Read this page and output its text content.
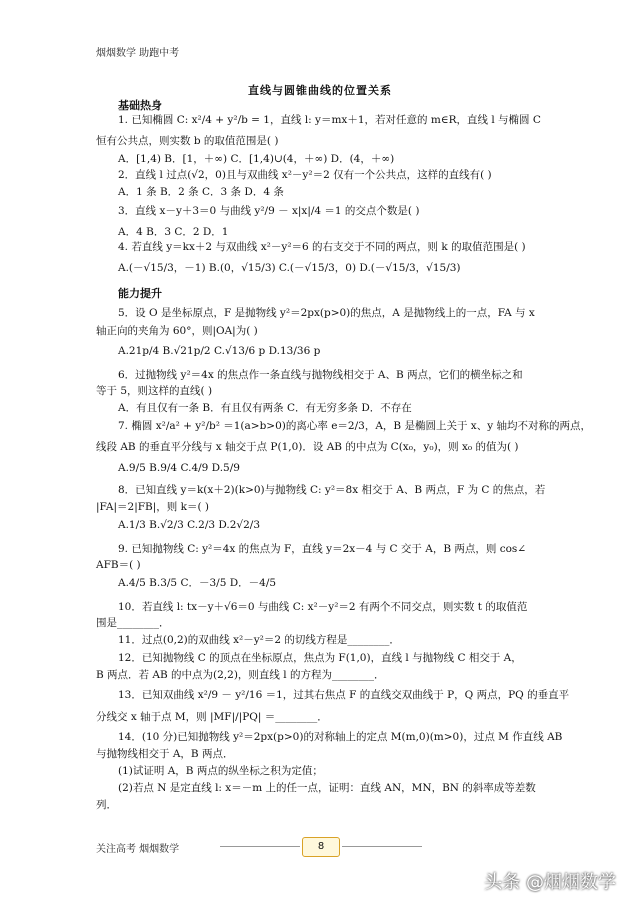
烟烟数学 助跑中考
直线与圆锥曲线的位置关系
基础热身
1. 已知椭圆 C: x²/4 + y²/b = 1，直线 l: y＝mx＋1，若对任意的 m∈R，直线 l 与椭圆 C
恒有公共点，则实数 b 的取值范围是( )
A．[1,4) B．[1，＋∞) C．[1,4)∪(4，＋∞) D．(4，＋∞)
2．直线 l 过点(√2，0)且与双曲线 x²－y²＝2 仅有一个公共点，这样的直线有( )
A．1 条 B．2 条 C．3 条 D．4 条
3．直线 x－y＋3＝0 与曲线 y²/9 － x|x|/4 ＝1 的交点个数是( )
A．4 B．3 C．2 D．1
4. 若直线 y＝kx＋2 与双曲线 x²－y²＝6 的右支交于不同的两点，则 k 的取值范围是( )
A.(－√15/3，－1) B.(0，√15/3) C.(－√15/3，0) D.(－√15/3，√15/3)
能力提升
5．设 O 是坐标原点，F 是抛物线 y²＝2px(p>0)的焦点，A 是抛物线上的一点，FA 与 x
轴正向的夹角为 60°，则|OA|为( )
A.21p/4 B.√21p/2 C.√13/6 p D.13/36 p
6．过抛物线 y²＝4x 的焦点作一条直线与抛物线相交于 A、B 两点，它们的横坐标之和
等于 5，则这样的直线( )
A．有且仅有一条 B．有且仅有两条 C．有无穷多条 D．不存在
7. 椭圆 x²/a² + y²/b² ＝1(a>b>0)的离心率 e＝2/3，A，B 是椭圆上关于 x、y 轴均不对称的两点，
线段 AB 的垂直平分线与 x 轴交于点 P(1,0)．设 AB 的中点为 C(x₀，y₀)，则 x₀ 的值为( )
A.9/5 B.9/4 C.4/9 D.5/9
8．已知直线 y＝k(x＋2)(k>0)与抛物线 C: y²＝8x 相交于 A、B 两点，F 为 C 的焦点，若
|FA|＝2|FB|，则 k＝( )
A.1/3 B.√2/3 C.2/3 D.2√2/3
9. 已知抛物线 C: y²＝4x 的焦点为 F，直线 y＝2x－4 与 C 交于 A，B 两点，则 cos∠
AFB＝( )
A.4/5 B.3/5 C．－3/5 D．－4/5
10．若直线 l: tx－y＋√6＝0 与曲线 C: x²－y²＝2 有两个不同交点，则实数 t 的取值范
围是________．
11．过点(0,2)的双曲线 x²－y²＝2 的切线方程是________．
12．已知抛物线 C 的顶点在坐标原点，焦点为 F(1,0)，直线 l 与抛物线 C 相交于 A，
B 两点．若 AB 的中点为(2,2)，则直线 l 的方程为________．
13．已知双曲线 x²/9 － y²/16 ＝1，过其右焦点 F 的直线交双曲线于 P，Q 两点，PQ 的垂直平
分线交 x 轴于点 M，则 |MF|/|PQ| ＝________．
14．(10 分)已知抛物线 y²＝2px(p>0)的对称轴上的定点 M(m,0)(m>0)，过点 M 作直线 AB
与抛物线相交于 A，B 两点．
(1)试证明 A，B 两点的纵坐标之积为定值；
(2)若点 N 是定直线 l: x＝－m 上的任一点，证明：直线 AN，MN，BN 的斜率成等差数
列．
关注高考 烟烟数学	8
头条 @烟烟数学
